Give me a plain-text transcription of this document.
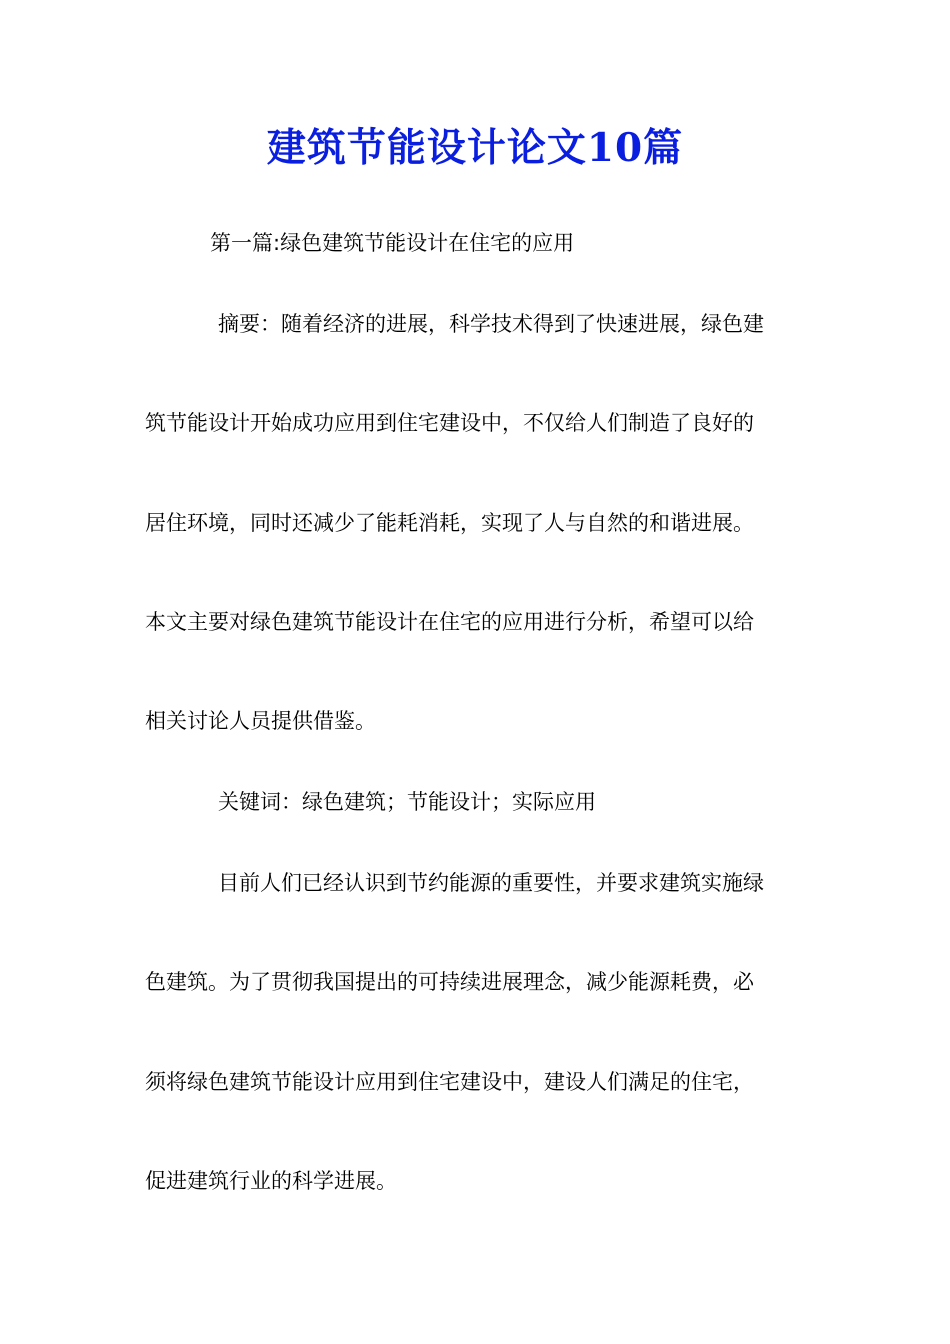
建筑节能设计论文10篇
第一篇:绿色建筑节能设计在住宅的应用
摘要：随着经济的进展，科学技术得到了快速进展，绿色建
筑节能设计开始成功应用到住宅建设中，不仅给人们制造了良好的
居住环境，同时还减少了能耗消耗，实现了人与自然的和谐进展。
本文主要对绿色建筑节能设计在住宅的应用进行分析，希望可以给
相关讨论人员提供借鉴。
关键词：绿色建筑；节能设计；实际应用
目前人们已经认识到节约能源的重要性，并要求建筑实施绿
色建筑。为了贯彻我国提出的可持续进展理念，减少能源耗费，必
须将绿色建筑节能设计应用到住宅建设中，建设人们满足的住宅，
促进建筑行业的科学进展。
